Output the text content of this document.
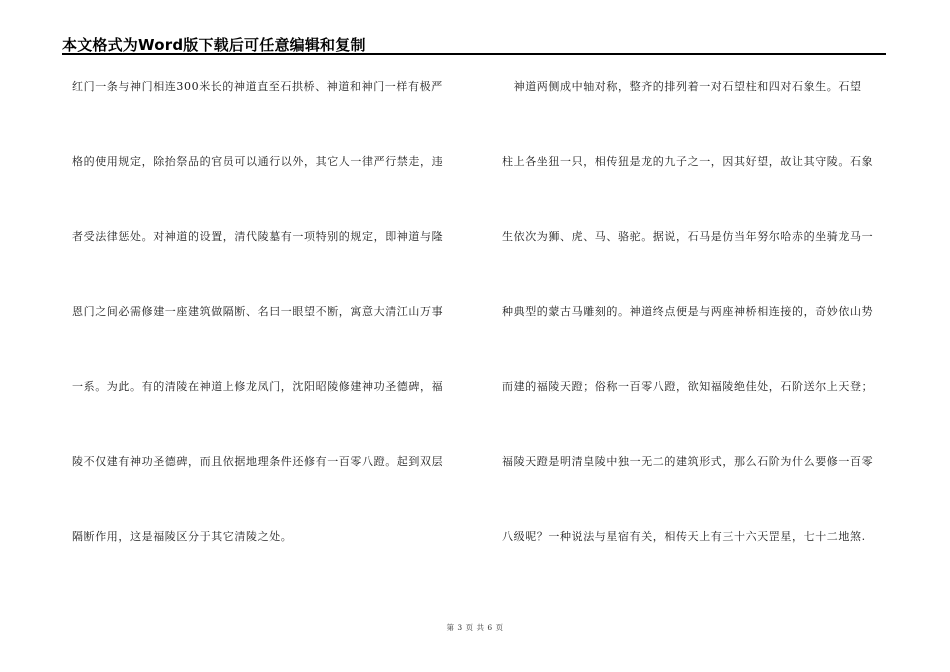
本文格式为Word版下载后可任意编辑和复制
红门一条与神门相连300米长的神道直至石拱桥、神道和神门一样有极严
格的使用规定，除抬祭品的官员可以通行以外，其它人一律严行禁走，违
者受法律惩处。对神道的设置，清代陵墓有一项特别的规定，即神道与隆
恩门之间必需修建一座建筑做隔断、名曰一眼望不断，寓意大清江山万事
一系。为此。有的清陵在神道上修龙凤门，沈阳昭陵修建神功圣德碑，福
陵不仅建有神功圣德碑，而且依据地理条件还修有一百零八蹬。起到双层
隔断作用，这是福陵区分于其它清陵之处。
　神道两侧成中轴对称，整齐的排列着一对石望柱和四对石象生。石望
柱上各坐狃一只，相传狃是龙的九子之一，因其好望，故让其守陵。石象
生依次为狮、虎、马、骆驼。据说，石马是仿当年努尔哈赤的坐骑龙马一
种典型的蒙古马雕刻的。神道终点便是与两座神桥相连接的，奇妙依山势
而建的福陵天蹬；俗称一百零八蹬，欲知福陵绝佳处，石阶送尔上天登；
福陵天蹬是明清皇陵中独一无二的建筑形式，那么石阶为什么要修一百零
八级呢？一种说法与星宿有关，相传天上有三十六天罡星，七十二地煞.
第 3 页 共 6 页
